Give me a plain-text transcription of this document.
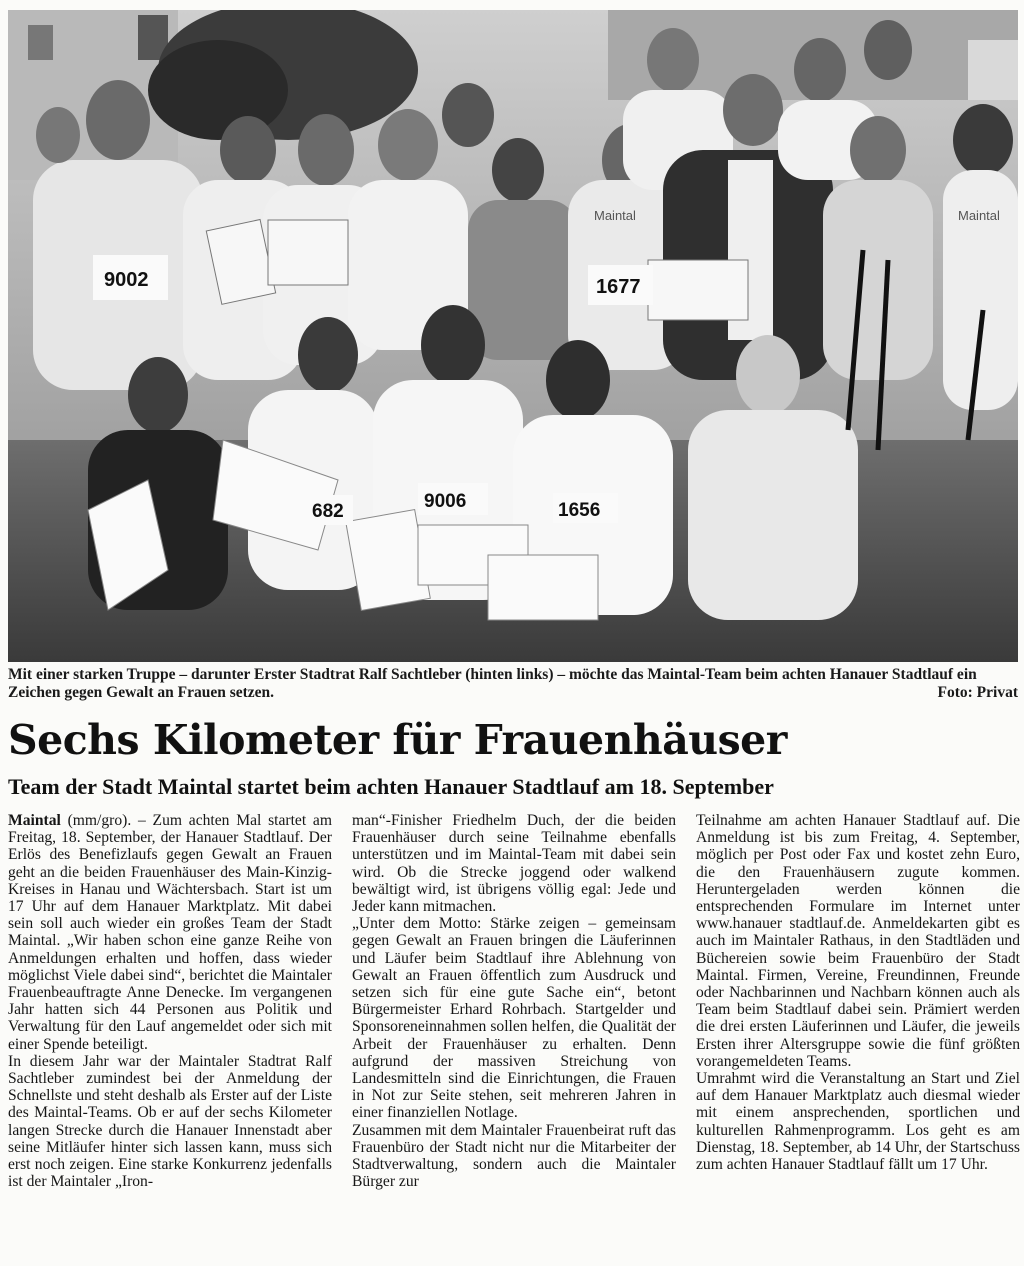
9002	1677
682	9006	1656
Maintal	Maintal
Mit einer starken Truppe – darunter Erster Stadtrat Ralf Sachtleber (hinten links) – möchte das Maintal-Team beim achten Hanauer Stadtlauf ein Zeichen gegen Gewalt an Frauen setzen.	Foto: Privat
Sechs Kilometer für Frauenhäuser
Team der Stadt Maintal startet beim achten Hanauer Stadtlauf am 18. September

Maintal (mm/gro). – Zum achten Mal startet am Freitag, 18. September, der Hanauer Stadtlauf. Der Erlös des Benefizlaufs gegen Gewalt an Frauen geht an die beiden Frauenhäuser des Main-Kinzig-Kreises in Hanau und Wächtersbach. Start ist um 17 Uhr auf dem Hanauer Marktplatz. Mit dabei sein soll auch wieder ein großes Team der Stadt Maintal. „Wir haben schon eine ganze Reihe von Anmeldungen erhalten und hoffen, dass wieder möglichst Viele dabei sind“, berichtet die Maintaler Frauenbeauftragte Anne Denecke. Im vergangenen Jahr hatten sich 44 Personen aus Politik und Verwaltung für den Lauf angemeldet oder sich mit einer Spende beteiligt.

In diesem Jahr war der Maintaler Stadtrat Ralf Sachtleber zumindest bei der Anmeldung der Schnellste und steht deshalb als Erster auf der Liste des Maintal-Teams. Ob er auf der sechs Kilometer langen Strecke durch die Hanauer Innenstadt aber seine Mitläufer hinter sich lassen kann, muss sich erst noch zeigen. Eine starke Konkurrenz jedenfalls ist der Maintaler „Iron-

man“-Finisher Friedhelm Duch, der die beiden Frauenhäuser durch seine Teilnahme ebenfalls unterstützen und im Maintal-Team mit dabei sein wird. Ob die Strecke joggend oder walkend bewältigt wird, ist übrigens völlig egal: Jede und Jeder kann mitmachen.

„Unter dem Motto: Stärke zeigen – gemeinsam gegen Gewalt an Frauen bringen die Läuferinnen und Läufer beim Stadtlauf ihre Ablehnung von Gewalt an Frauen öffentlich zum Ausdruck und setzen sich für eine gute Sache ein“, betont Bürgermeister Erhard Rohrbach. Startgelder und Sponsoreneinnahmen sollen helfen, die Qualität der Arbeit der Frauenhäuser zu erhalten. Denn aufgrund der massiven Streichung von Landesmitteln sind die Einrichtungen, die Frauen in Not zur Seite stehen, seit mehreren Jahren in einer finanziellen Notlage.

Zusammen mit dem Maintaler Frauenbeirat ruft das Frauenbüro der Stadt nicht nur die Mitarbeiter der Stadtverwaltung, sondern auch die Maintaler Bürger zur

Teilnahme am achten Hanauer Stadtlauf auf. Die Anmeldung ist bis zum Freitag, 4. September, möglich per Post oder Fax und kostet zehn Euro, die den Frauenhäusern zugute kommen. Heruntergeladen werden können die entsprechenden Formulare im Internet unter www.hanauer stadtlauf.de. Anmeldekarten gibt es auch im Maintaler Rathaus, in den Stadtläden und Büchereien sowie beim Frauenbüro der Stadt Maintal. Firmen, Vereine, Freundinnen, Freunde oder Nachbarinnen und Nachbarn können auch als Team beim Stadtlauf dabei sein. Prämiert werden die drei ersten Läuferinnen und Läufer, die jeweils Ersten ihrer Altersgruppe sowie die fünf größten vorangemeldeten Teams.

Umrahmt wird die Veranstaltung an Start und Ziel auf dem Hanauer Marktplatz auch diesmal wieder mit einem ansprechenden, sportlichen und kulturellen Rahmenprogramm. Los geht es am Dienstag, 18. September, ab 14 Uhr, der Startschuss zum achten Hanauer Stadtlauf fällt um 17 Uhr.
